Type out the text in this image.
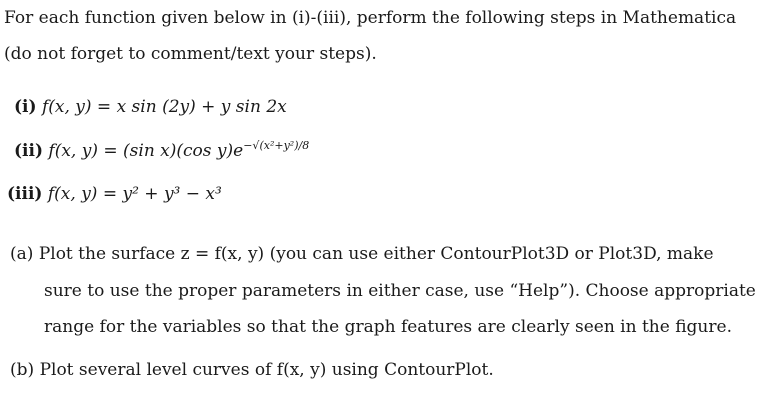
For each function given below in (i)-(iii), perform the following steps in Mathematica
(do not forget to comment/text your steps).
(i) f(x, y) = x sin (2y) + y sin 2x
(ii) f(x, y) = (sin x)(cos $y)e^{-√(x^2+y^2)/8}$
(iii) f(x, y) = y² + y³ − x³
(a) Plot the surface z = f(x, y) (you can use either ContourPlot3D or Plot3D, make
sure to use the proper parameters in either case, use “Help”). Choose appropriate
range for the variables so that the graph features are clearly seen in the figure.
(b) Plot several level curves of f(x, y) using ContourPlot.
